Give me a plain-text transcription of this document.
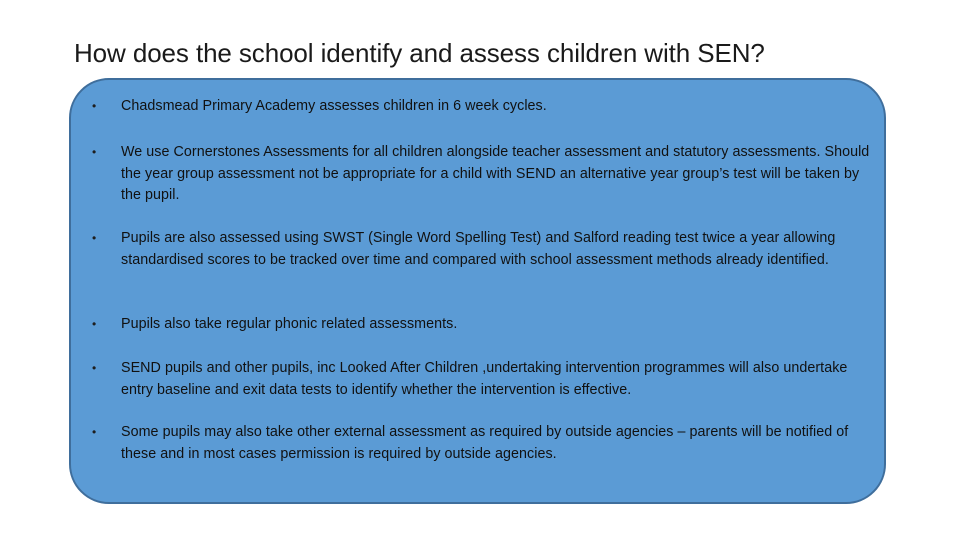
How does the school identify and assess children with SEN?
• Chadsmead Primary Academy assesses children in 6 week cycles.
• We use Cornerstones Assessments for all children alongside teacher assessment and statutory assessments. Should the year group assessment not be appropriate for a child with SEND an alternative year group’s test will be taken by the pupil.
• Pupils are also assessed using SWST (Single Word Spelling Test) and Salford reading test twice a year allowing standardised scores to be tracked over time and compared with school assessment methods already identified.
• Pupils also take regular phonic related assessments.
• SEND pupils and other pupils, inc Looked After Children ,undertaking intervention programmes will also undertake entry baseline and exit data tests to identify whether the intervention is effective.
• Some pupils may also take other external assessment as required by outside agencies – parents will be notified of these and in most cases permission is required by outside agencies.
